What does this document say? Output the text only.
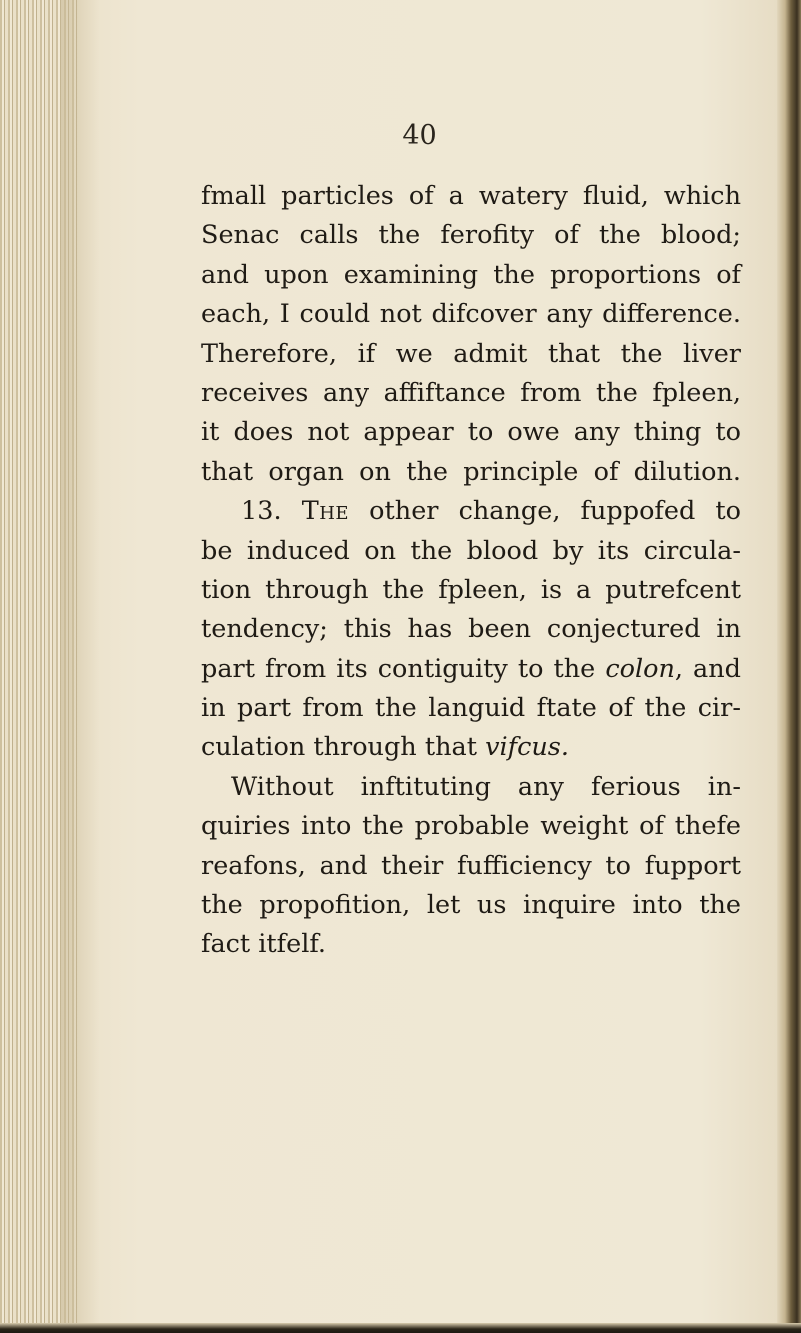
40
fmall particles of a watery fluid, which
Senac calls the ferofity of the blood;
and upon examining the proportions of
each, I could not difcover any difference.
Therefore, if we admit that the liver
receives any affiftance from the fpleen,
it does not appear to owe any thing to
that organ on the principle of dilution.
13. The other change, fuppofed to
be induced on the blood by its circula-
tion through the fpleen, is a putrefcent
tendency; this has been conjectured in
part from its contiguity to the colon, and
in part from the languid ftate of the cir-
culation through that vifcus.
Without inftituting any ferious in-
quiries into the probable weight of thefe
reafons, and their fufficiency to fupport
the propofition, let us inquire into the
fact itfelf.
